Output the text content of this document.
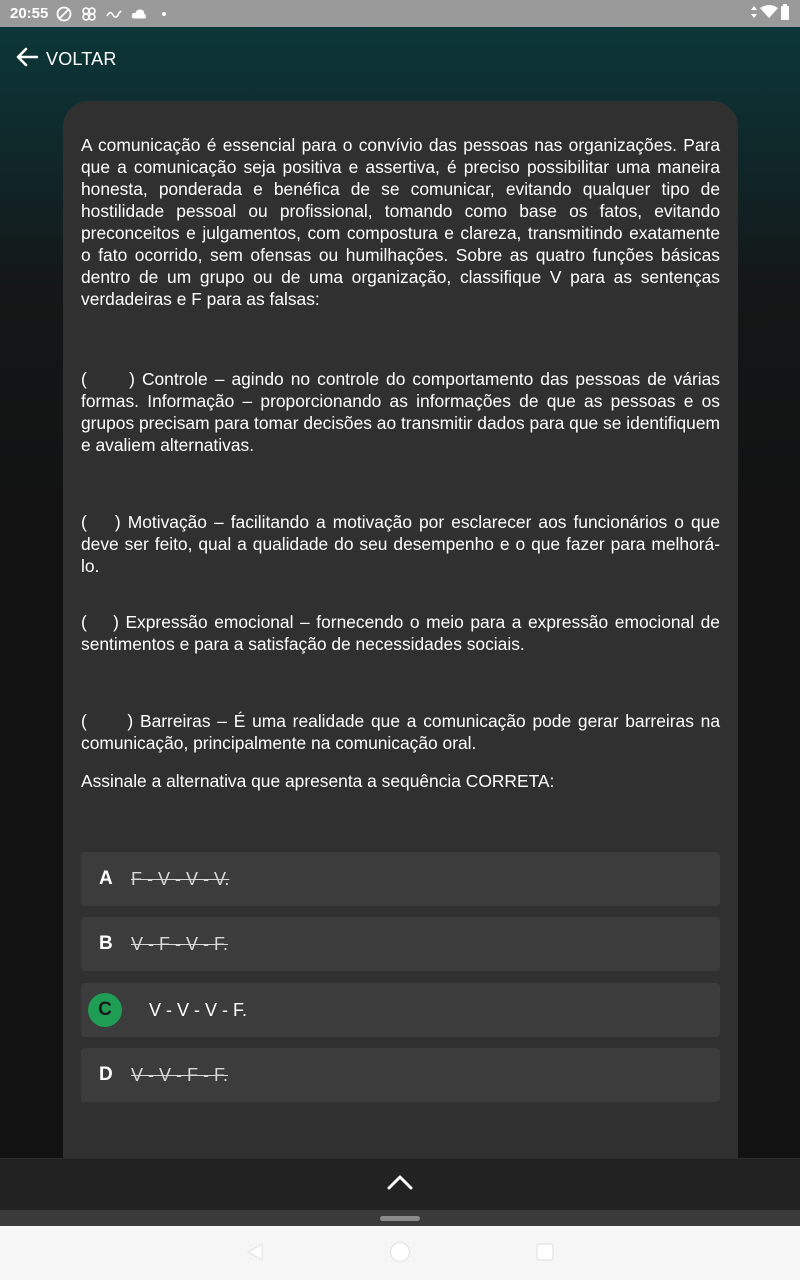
20:55
VOLTAR

A comunicação é essencial para o convívio das pessoas nas organizações. Para que a comunicação seja positiva e assertiva, é preciso possibilitar uma maneira honesta, ponderada e benéfica de se comunicar, evitando qualquer tipo de hostilidade pessoal ou profissional, tomando como base os fatos, evitando preconceitos e julgamentos, com compostura e clareza, transmitindo exatamente o fato ocorrido, sem ofensas ou humilhações. Sobre as quatro funções básicas dentro de um grupo ou de uma organização, classifique V para as sentenças verdadeiras e F para as falsas:

(      ) Controle – agindo no controle do comportamento das pessoas de várias formas. Informação – proporcionando as informações de que as pessoas e os grupos precisam para tomar decisões ao transmitir dados para que se identifiquem e avaliem alternativas.

(    ) Motivação – facilitando a motivação por esclarecer aos funcionários o que deve ser feito, qual a qualidade do seu desempenho e o que fazer para melhorá-lo.

(    ) Expressão emocional – fornecendo o meio para a expressão emocional de sentimentos e para a satisfação de necessidades sociais.

(      ) Barreiras – É uma realidade que a comunicação pode gerar barreiras na comunicação, principalmente na comunicação oral.

Assinale a alternativa que apresenta a sequência CORRETA:

A	F - V - V - V.
B	V - F - V - F.
C	V - V - V - F.
D	V - V - F - F.
